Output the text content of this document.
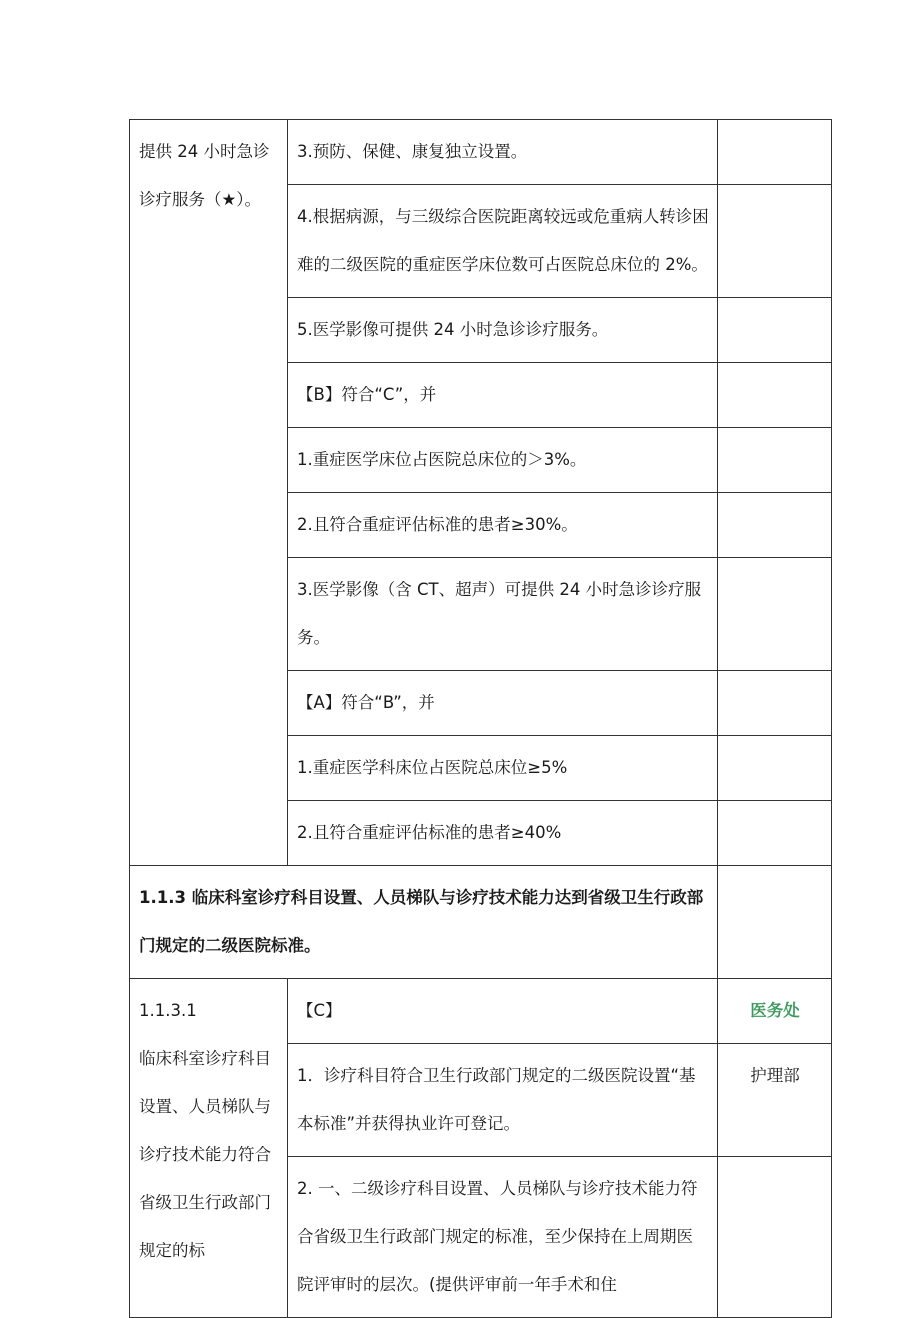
提供 24 小时急诊诊疗服务（★）。	3.预防、保健、康复独立设置。	
	4.根据病源，与三级综合医院距离较远或危重病人转诊困难的二级医院的重症医学床位数可占医院总床位的 2%。	
	5.医学影像可提供 24 小时急诊诊疗服务。	
	【B】符合“C”，并	
	1.重症医学床位占医院总床位的＞3%。	
	2.且符合重症评估标准的患者≥30%。	
	3.医学影像（含 CT、超声）可提供 24 小时急诊诊疗服务。	
	【A】符合“B”，并	
	1.重症医学科床位占医院总床位≥5%	
	2.且符合重症评估标准的患者≥40%	
1.1.3 临床科室诊疗科目设置、人员梯队与诊疗技术能力达到省级卫生行政部门规定的二级医院标准。		

1.1.3.1
临床科室诊疗科目设置、人员梯队与诊疗技术能力符合省级卫生行政部门规定的标	【C】	医务处
	1．诊疗科目符合卫生行政部门规定的二级医院设置“基本标准”并获得执业许可登记。	护理部
	2. 一、二级诊疗科目设置、人员梯队与诊疗技术能力符合省级卫生行政部门规定的标准，至少保持在上周期医院评审时的层次。(提供评审前一年手术和住	
